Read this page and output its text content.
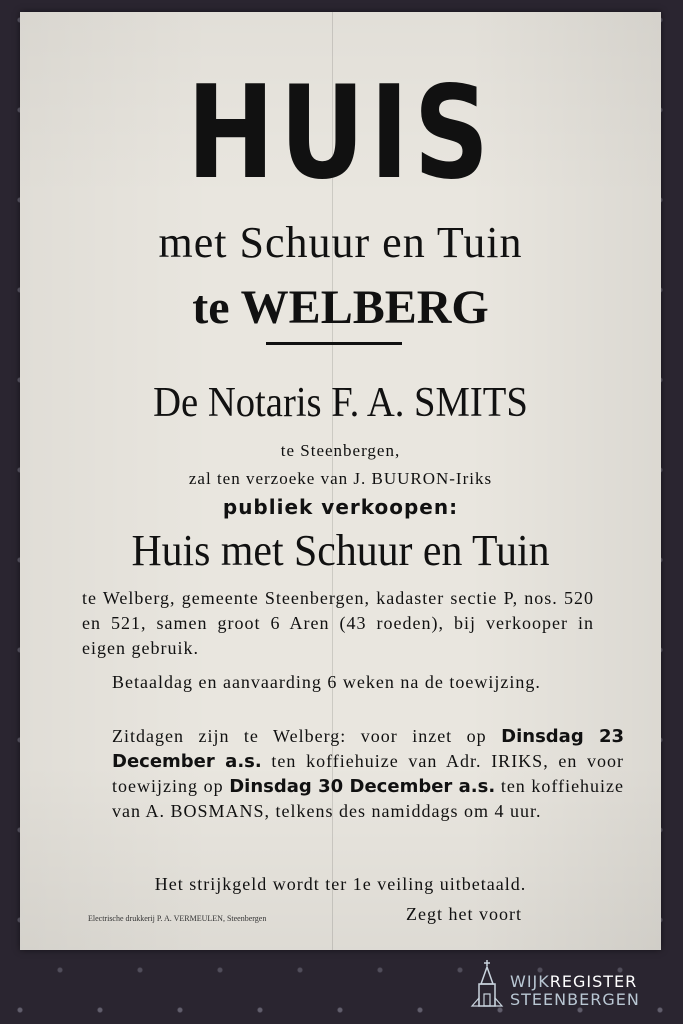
HUIS
met Schuur en Tuin
te WELBERG
De Notaris F. A. SMITS
te Steenbergen,
zal ten verzoeke van J. BUURON-Iriks
publiek verkoopen:
Huis met Schuur en Tuin
te Welberg, gemeente Steenbergen, kadaster sectie P, nos. 520 en 521, samen groot 6 Aren (43 roeden), bij verkooper in eigen gebruik.
Betaaldag en aanvaarding 6 weken na de toewijzing.
Zitdagen zijn te Welberg: voor inzet op Dinsdag 23 December a.s. ten koffiehuize van Adr. IRIKS, en voor toewijzing op Dinsdag 30 December a.s. ten koffiehuize van A. BOSMANS, telkens des namiddags om 4 uur.
Het strijkgeld wordt ter 1e veiling uitbetaald.
Electrische drukkerij P. A. VERMEULEN, Steenbergen	Zegt het voort
WIJKREGISTER
STEENBERGEN
